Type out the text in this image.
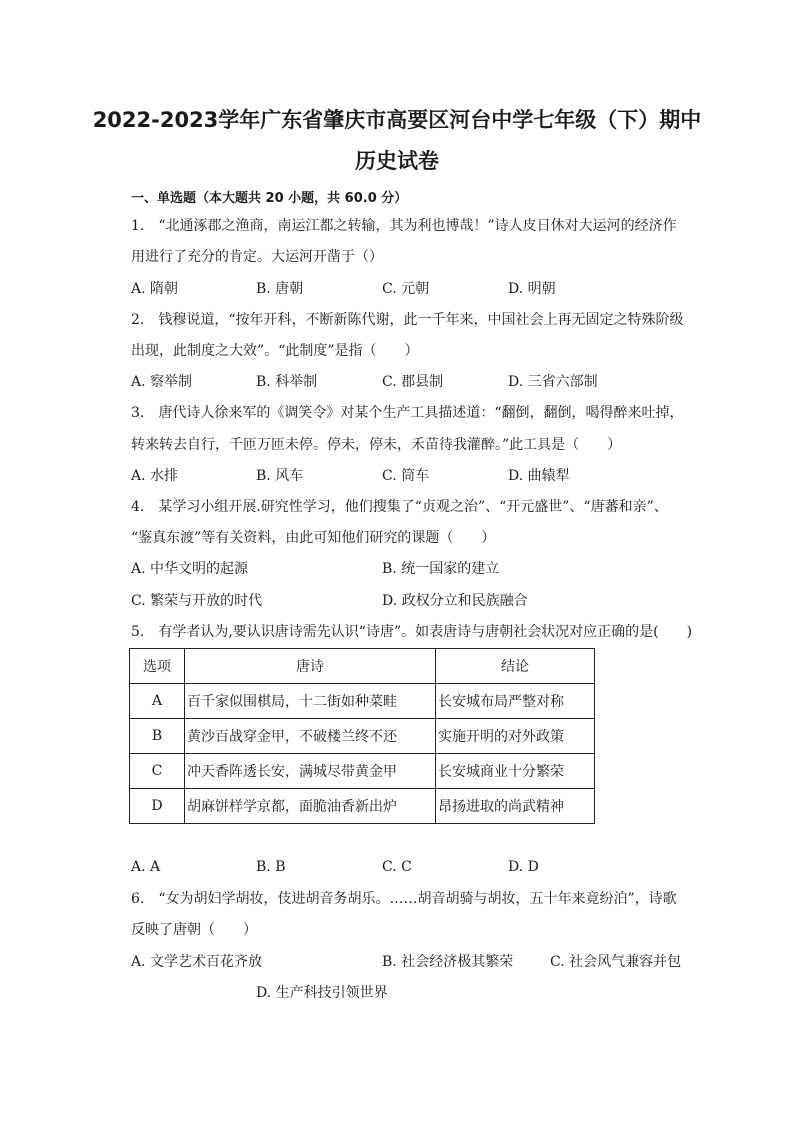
2022-2023学年广东省肇庆市高要区河台中学七年级（下）期中
历史试卷
一、单选题（本大题共 20 小题，共 60.0 分）
1.　“北通涿郡之渔商，南运江都之转输，其为利也博哉！”诗人皮日休对大运河的经济作
用进行了充分的肯定。大运河开凿于（）
A. 隋朝	B. 唐朝	C. 元朝	D. 明朝
2.　钱穆说道，“按年开科，不断新陈代谢，此一千年来，中国社会上再无固定之特殊阶级
出现，此制度之大效”。“此制度”是指（　　）
A. 察举制	B. 科举制	C. 郡县制	D. 三省六部制
3.　唐代诗人徐来军的《调笑令》对某个生产工具描述道：“翻倒，翻倒，喝得醉来吐掉，
转来转去自行，千匝万匝未停。停未，停未，禾苗待我灌醉。”此工具是（　　）
A. 水排	B. 风车	C. 筒车	D. 曲辕犁
4.　某学习小组开展.研究性学习，他们搜集了“贞观之治”、“开元盛世”、“唐蕃和亲”、
“鉴真东渡”等有关资料，由此可知他们研究的课题（　　）
A. 中华文明的起源	B. 统一国家的建立
C. 繁荣与开放的时代	D. 政权分立和民族融合
5.　有学者认为,要认识唐诗需先认识“诗唐”。如表唐诗与唐朝社会状况对应正确的是(　　)
选项	唐诗	结论
A	百千家似围棋局，十二街如种菜畦	长安城布局严整对称
B	黄沙百战穿金甲，不破楼兰终不还	实施开明的对外政策
C	冲天香阵透长安，满城尽带黄金甲	长安城商业十分繁荣
D	胡麻饼样学京都，面脆油香新出炉	昂扬进取的尚武精神
A. A	B. B	C. C	D. D
6.　“女为胡妇学胡妆，伎进胡音务胡乐。……胡音胡骑与胡妆，五十年来竟纷泊”，诗歌
反映了唐朝（　　）
A. 文学艺术百花齐放	B. 社会经济极其繁荣	C. 社会风气兼容并包
D. 生产科技引领世界
